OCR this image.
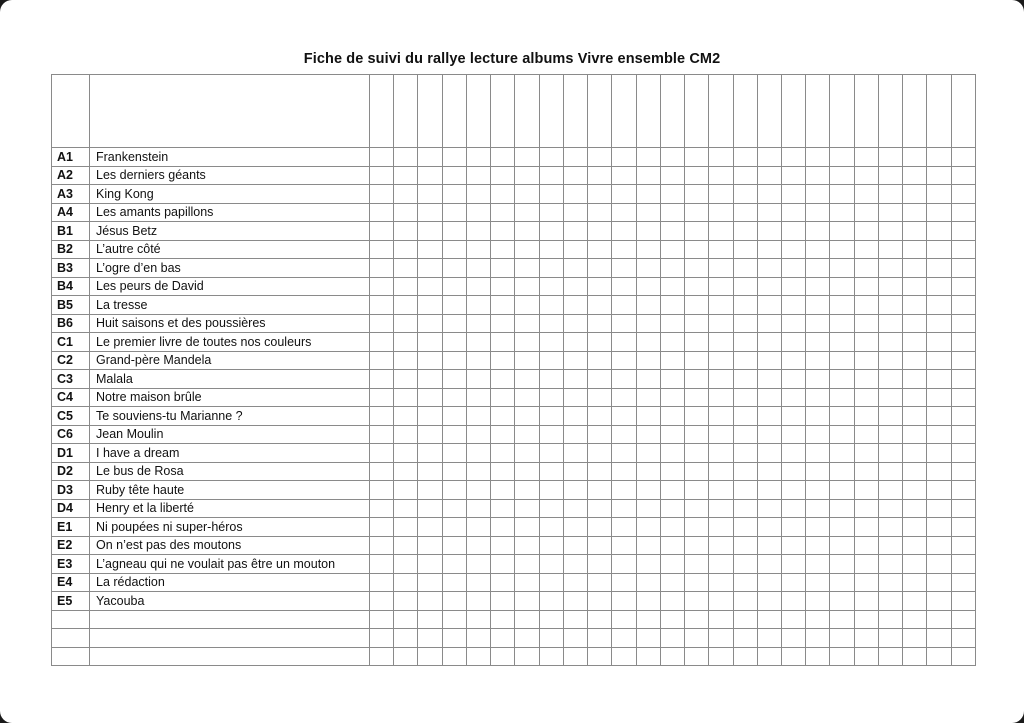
Fiche de suivi du rallye lecture albums Vivre ensemble CM2

A1	Frankenstein																									
A2	Les derniers géants																									
A3	King Kong																									
A4	Les amants papillons																									
B1	Jésus Betz																									
B2	L’autre côté																									
B3	L’ogre d’en bas																									
B4	Les peurs de David																									
B5	La tresse																									
B6	Huit saisons et des poussières																									
C1	Le premier livre de toutes nos couleurs																									
C2	Grand-père Mandela																									
C3	Malala																									
C4	Notre maison brûle																									
C5	Te souviens-tu Marianne ?																									
C6	Jean Moulin																									
D1	I have a dream																									
D2	Le bus de Rosa																									
D3	Ruby tête haute																									
D4	Henry et la liberté																									
E1	Ni poupées ni super-héros																									
E2	On n’est pas des moutons																									
E3	L’agneau qui ne voulait pas être un mouton																									
E4	La rédaction																									
E5	Yacouba																									
